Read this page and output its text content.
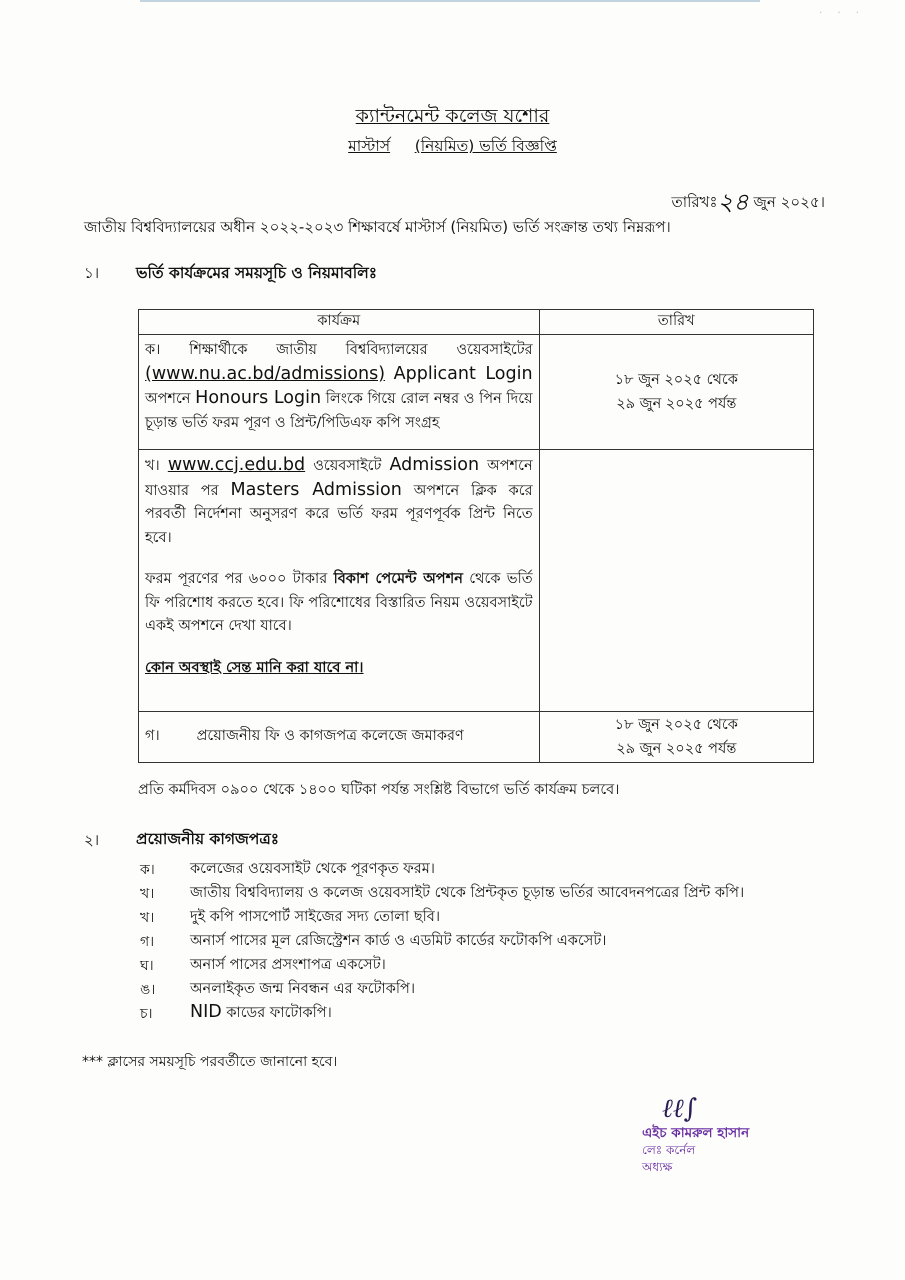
· · ·
ক্যান্টনমেন্ট কলেজ যশোর
মাস্টার্স (নিয়মিত) ভর্তি বিজ্ঞপ্তি
তারিখঃ২৪ জুন ২০২৫।
জাতীয় বিশ্ববিদ্যালয়ের অধীন ২০২২-২০২৩ শিক্ষাবর্ষে মাস্টার্স (নিয়মিত) ভর্তি সংক্রান্ত তথ্য নিম্নরূপ।
১। ভর্তি কার্যক্রমের সময়সূচি ও নিয়মাবলিঃ
কার্যক্রম	তারিখ
ক। শিক্ষার্থীকে জাতীয় বিশ্ববিদ্যালয়ের ওয়েবসাইটের (www.nu.ac.bd/admissions) Applicant Login অপশনে Honours Login লিংকে গিয়ে রোল নম্বর ও পিন দিয়ে চূড়ান্ত ভর্তি ফরম পূরণ ও প্রিন্ট/পিডিএফ কপি সংগ্রহ	১৮ জুন ২০২৫ থেকে
২৯ জুন ২০২৫ পর্যন্ত

খ। www.ccj.edu.bd ওয়েবসাইটে Admission অপশনে যাওয়ার পর Masters Admission অপশনে ক্লিক করে পরবর্তী নির্দেশনা অনুসরণ করে ভর্তি ফরম পূরণপূর্বক প্রিন্ট নিতে হবে।
ফরম পূরণের পর ৬০০০ টাকার বিকাশ পেমেন্ট অপশন থেকে ভর্তি ফি পরিশোধ করতে হবে। ফি পরিশোধের বিস্তারিত নিয়ম ওয়েবসাইটে একই অপশনে দেখা যাবে।
কোন অবস্থাই সেন্ত মানি করা যাবে না।	
গ। প্রয়োজনীয় ফি ও কাগজপত্র কলেজে জমাকরণ	১৮ জুন ২০২৫ থেকে
২৯ জুন ২০২৫ পর্যন্ত
প্রতি কর্মদিবস ০৯০০ থেকে ১৪০০ ঘটিকা পর্যন্ত সংশ্লিষ্ট বিভাগে ভর্তি কার্যক্রম চলবে।
২। প্রয়োজনীয় কাগজপত্রঃ
ক। কলেজের ওয়েবসাইট থেকে পূরণকৃত ফরম।
খ। জাতীয় বিশ্ববিদ্যালয় ও কলেজ ওয়েবসাইট থেকে প্রিন্টকৃত চূড়ান্ত ভর্তির আবেদনপত্রের প্রিন্ট কপি।
খ। দুই কপি পাসপোর্ট সাইজের সদ্য তোলা ছবি।
গ। অনার্স পাসের মূল রেজিস্ট্রেশন কার্ড ও এডমিট কার্ডের ফটোকপি একসেট।
ঘ।	অনার্স পাসের প্রসংশাপত্র একসেট।
ঙ। অনলাইকৃত জন্ম নিবন্ধন এর ফটোকপি।
চ। NID কাডের ফাটোকপি।
*** ক্লাসের সময়সূচি পরবর্তীতে জানানো হবে।
ℓℓ∫
এইচ কামরুল হাসান
লেঃ কর্নেল
অধ্যক্ষ
